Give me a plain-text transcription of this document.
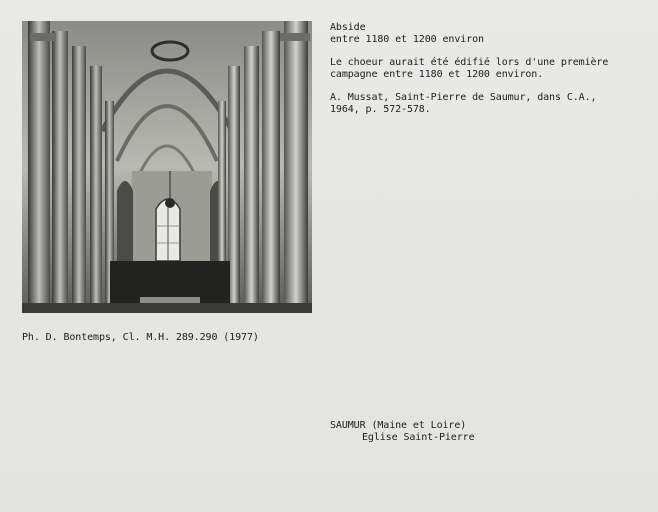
Abside
entre 1180 et 1200 environ
Le choeur aurait été édifié lors d'une première
campagne entre 1180 et 1200 environ.
A. Mussat, Saint-Pierre de Saumur, dans C.A.,
1964, p. 572-578.
Ph. D. Bontemps, Cl. M.H. 289.290 (1977)
SAUMUR (Maine et Loire)
Eglise Saint-Pierre
